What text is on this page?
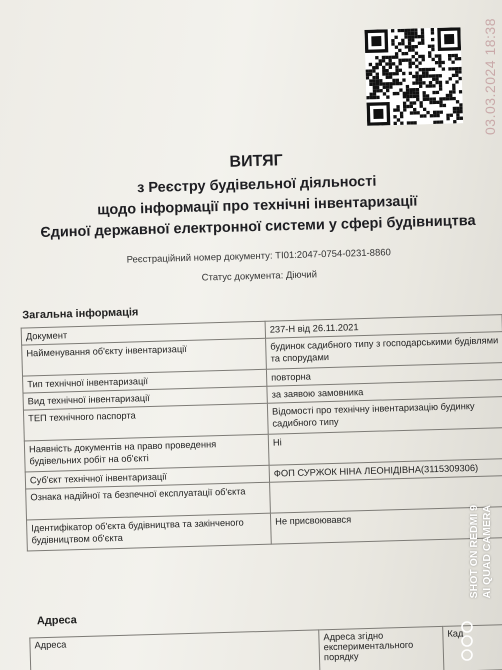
ВИТЯГ
з Реєстру будівельної діяльності
щодо інформації про технічні інвентаризації
Єдиної державної електронної системи у сфері будівництва
Реєстраційний номер документу: ТІ01:2047-0754-0231-8860
Статус документа: Діючий
Загальна інформація
Документ	237-Н від 26.11.2021
Найменування об'єкту інвентаризації	будинок садибного типу з господарськими будівлями та спорудами
Тип технічної інвентаризації	повторна
Вид технічної інвентаризації	за заявою замовника
ТЕП технічного паспорта	Відомості про технічну інвентаризацію будинку садибного типу
Наявність документів на право проведення будівельних робіт на об'єкті	Ні
Суб'єкт технічної інвентаризації	ФОП СУРЖОК НІНА ЛЕОНІДІВНА(3115309306)
Ознака надійної та безпечної експлуатації об'єкта	
Ідентифікатор об'єкта будівництва та закінченого будівництвом об'єкта	Не присвоювався
Адреса
Адреса	Адреса згідно експериментального порядку	Кад
03.03.2024 18:38
SHOT ON REDMI 9 AI QUAD CAMERA
